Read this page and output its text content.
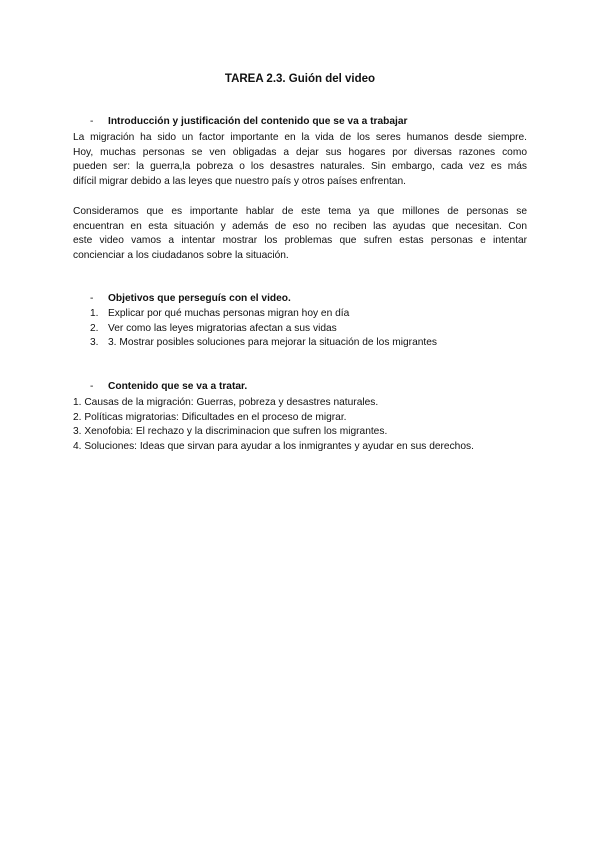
TAREA 2.3. Guión del video
- Introducción y justificación del contenido que se va a trabajar
La migración ha sido un factor importante en la vida de los seres humanos desde siempre.
Hoy, muchas personas se ven obligadas a dejar sus hogares por diversas razones como
pueden ser: la guerra,la pobreza o los desastres naturales. Sin embargo, cada vez es más
difícil migrar debido a las leyes que nuestro país y otros países enfrentan.
Consideramos que es importante hablar de este tema ya que millones de personas se
encuentran en esta situación y además de eso no reciben las ayudas que necesitan. Con
este video vamos a intentar mostrar los problemas que sufren estas personas e intentar
concienciar a los ciudadanos sobre la situación.
- Objetivos que perseguís con el video.
1. Explicar por qué muchas personas migran hoy en día
2. Ver como las leyes migratorias afectan a sus vidas
3. 3. Mostrar posibles soluciones para mejorar la situación de los migrantes
- Contenido que se va a tratar.
1. Causas de la migración: Guerras, pobreza y desastres naturales.
2. Políticas migratorias: Dificultades en el proceso de migrar.
3. Xenofobia: El rechazo y la discriminacion que sufren los migrantes.
4. Soluciones: Ideas que sirvan para ayudar a los inmigrantes y ayudar en sus derechos.
